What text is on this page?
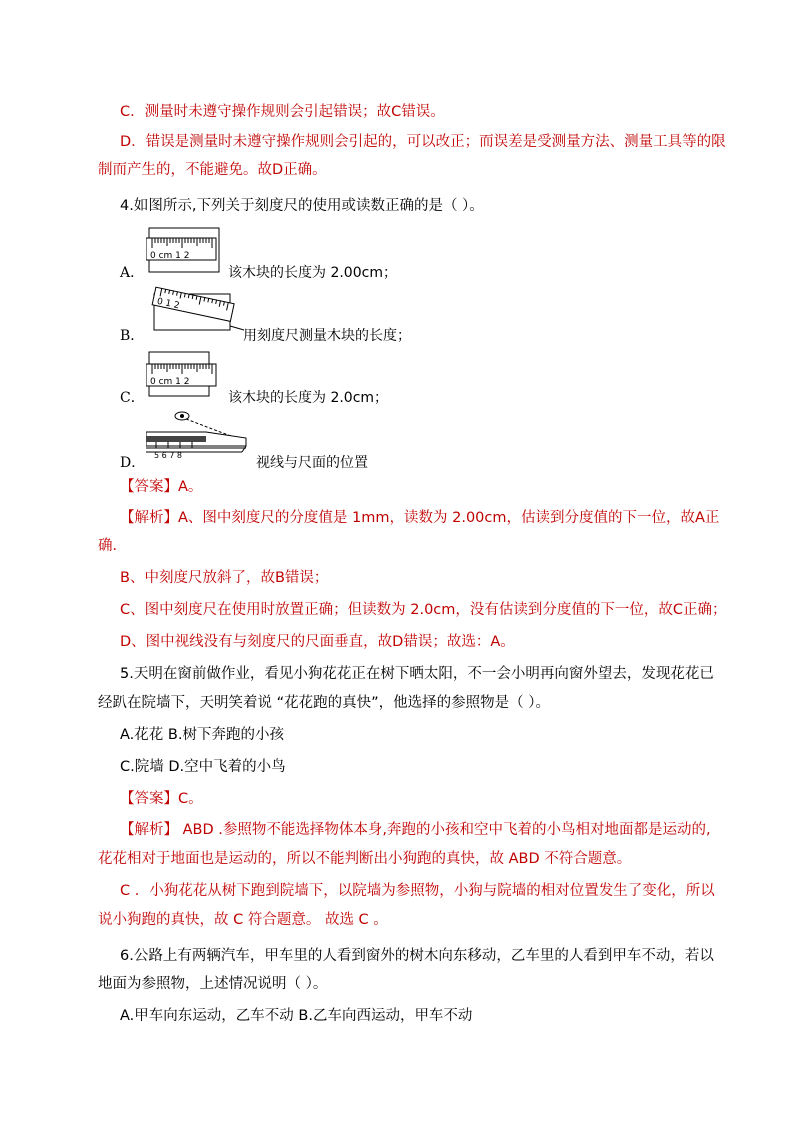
C．测量时未遵守操作规则会引起错误；故C错误。
D．错误是测量时未遵守操作规则会引起的，可以改正；而误差是受测量方法、测量工具等的限
制而产生的，不能避免。故D正确。
4.如图所示,下列关于刻度尺的使用或读数正确的是（ ）。
A．
0 cm 1 2
该木块的长度为 2.00cm；
B．
0 1 2
用刻度尺测量木块的长度；
C．
0 cm 1 2
该木块的长度为 2.0cm；
D． 5 6 7 8	视线与尺面的位置
【答案】A。
【解析】A、图中刻度尺的分度值是 1mm，读数为 2.00cm，估读到分度值的下一位，故A正
确．
B、中刻度尺放斜了，故B错误；
C、图中刻度尺在使用时放置正确；但读数为 2.0cm，没有估读到分度值的下一位，故C正确；
D、图中视线没有与刻度尺的尺面垂直，故D错误；故选：A。
5.天明在窗前做作业，看见小狗花花正在树下晒太阳，不一会小明再向窗外望去，发现花花已
经趴在院墙下，天明笑着说 “花花跑的真快”，他选择的参照物是（ ）。
A.花花 B.树下奔跑的小孩
C.院墙 D.空中飞着的小鸟
【答案】C。
【解析】 ABD .参照物不能选择物体本身,奔跑的小孩和空中飞着的小鸟相对地面都是运动的,
花花相对于地面也是运动的，所以不能判断出小狗跑的真快，故 ABD 不符合题意。
C ．小狗花花从树下跑到院墙下，以院墙为参照物，小狗与院墙的相对位置发生了变化，所以
说小狗跑的真快，故 C 符合题意。 故选 C 。
6.公路上有两辆汽车，甲车里的人看到窗外的树木向东移动，乙车里的人看到甲车不动，若以
地面为参照物，上述情况说明（ ）。
A.甲车向东运动，乙车不动 B.乙车向西运动，甲车不动
